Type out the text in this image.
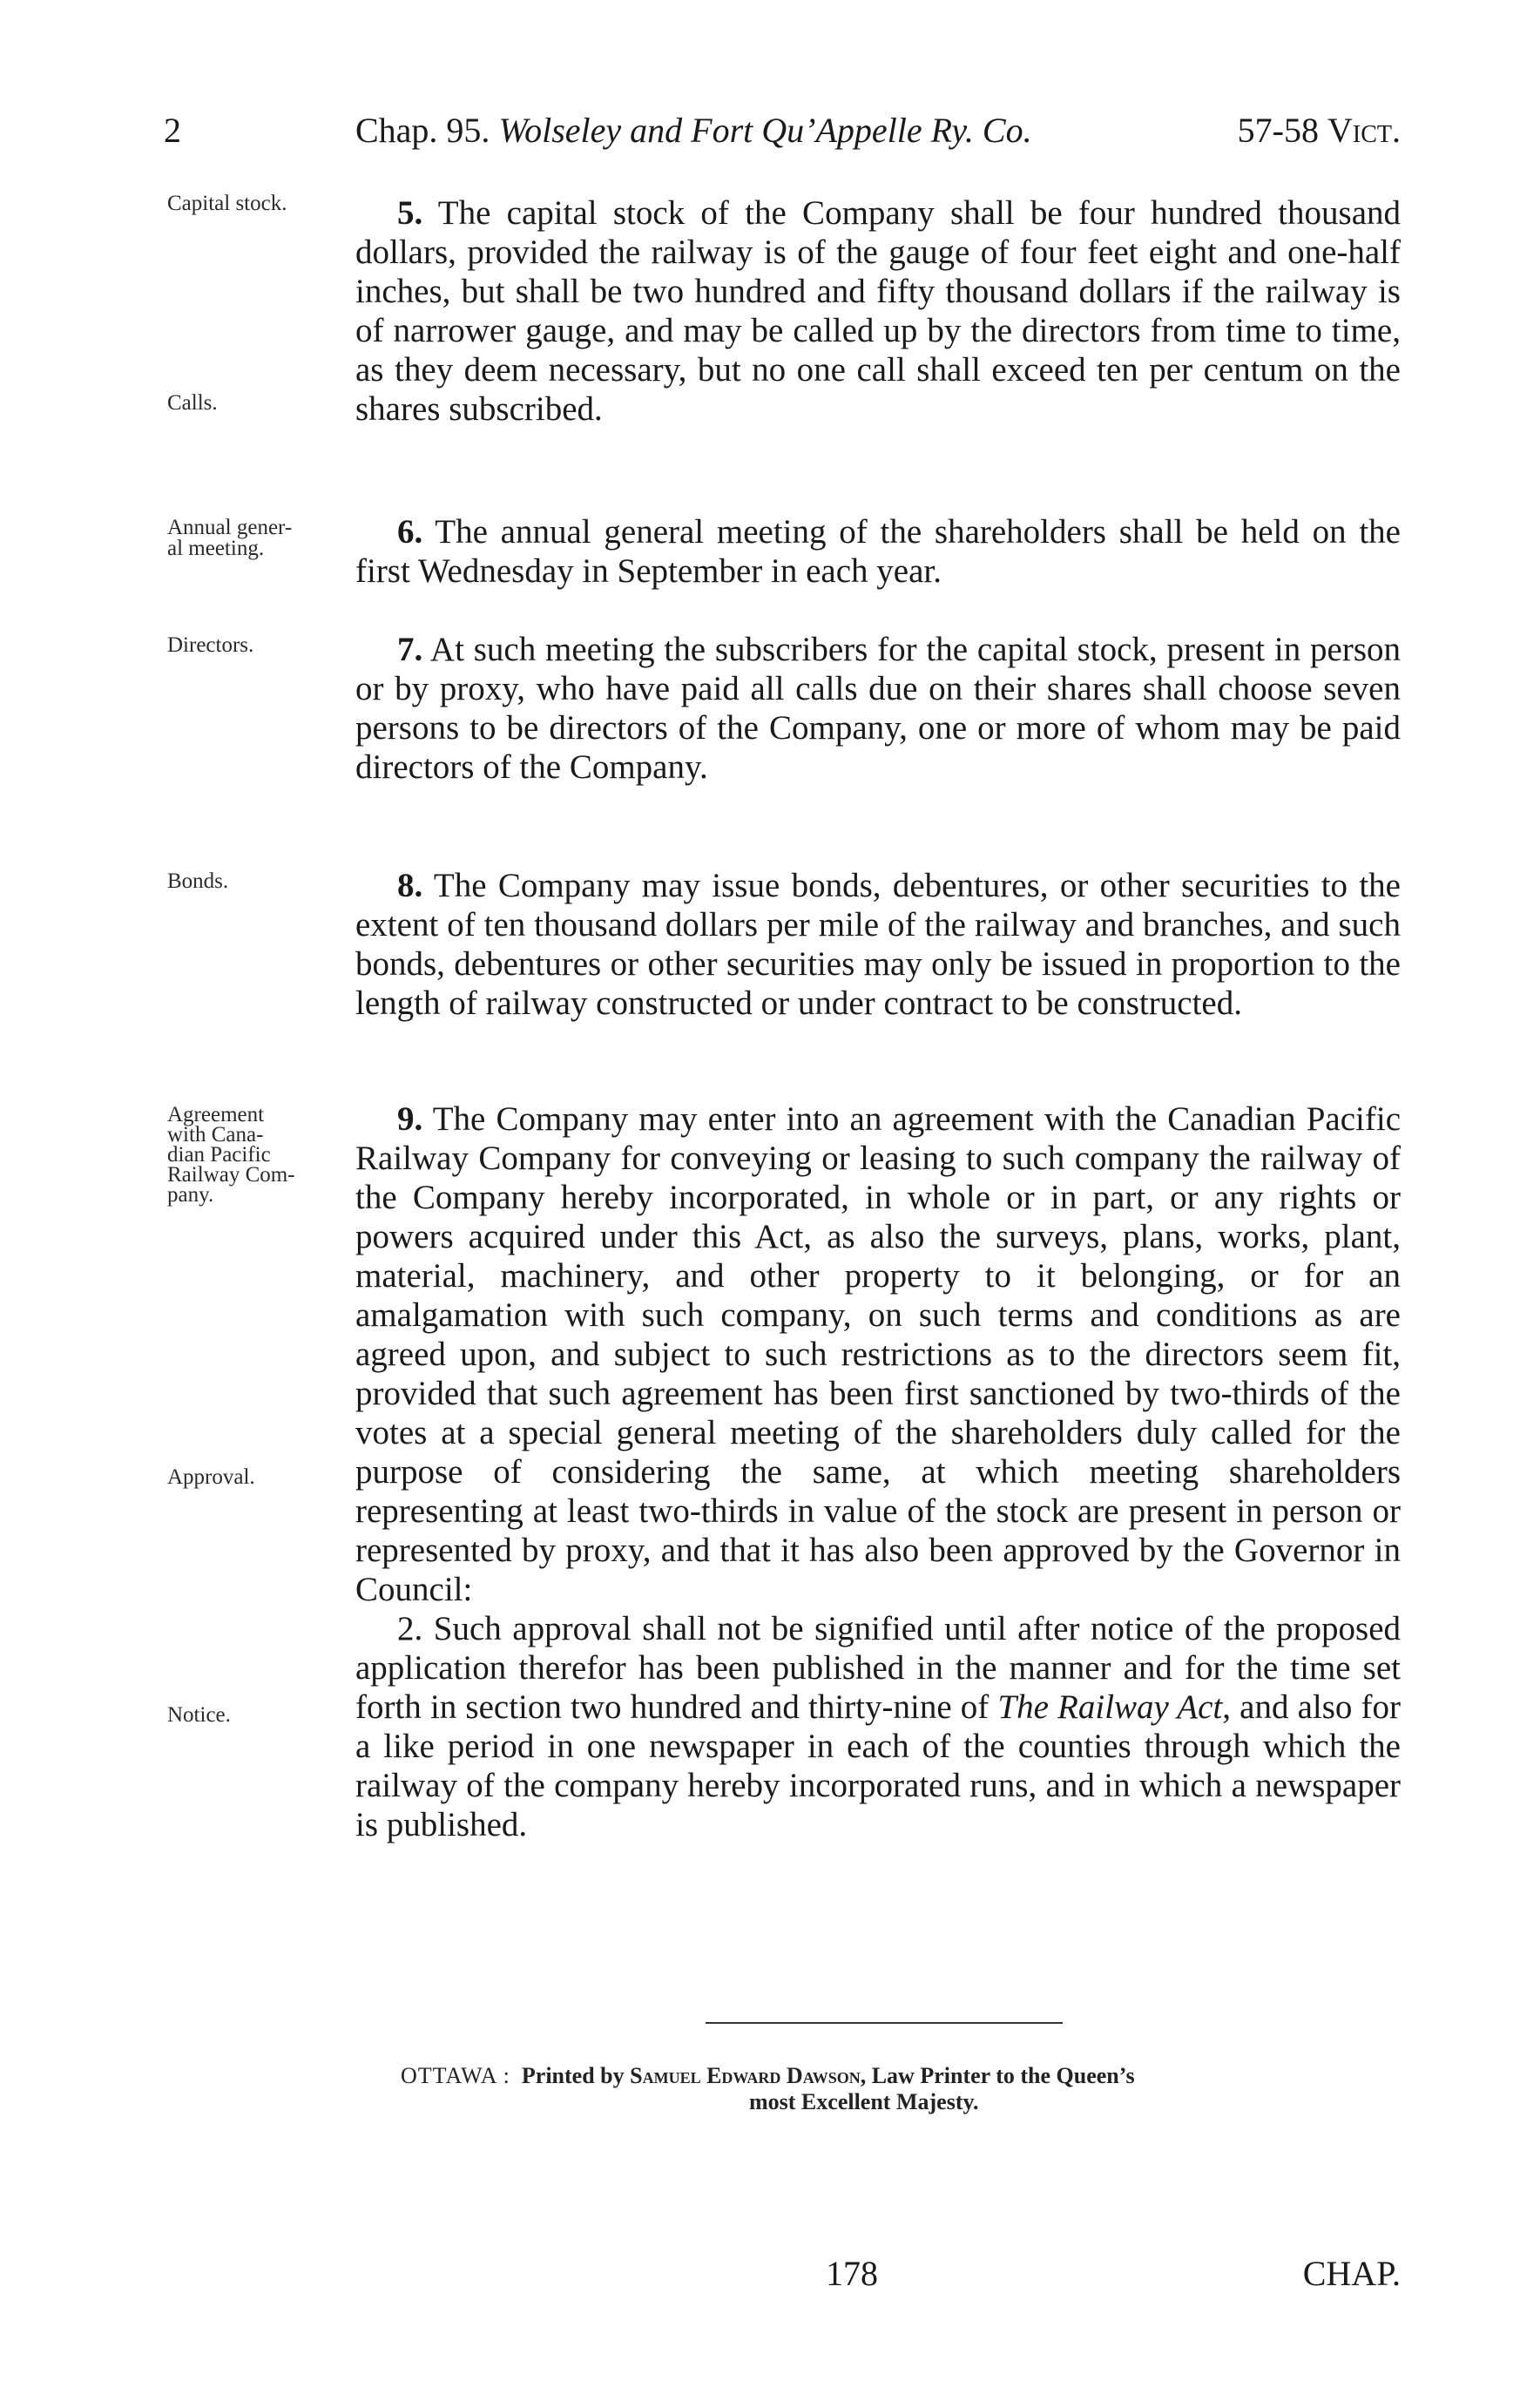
2	Chap. 95. Wolseley and Fort Qu’Appelle Ry. Co.	57-58 Vict.
Capital stock.
Calls.
Annual gener-
al meeting.
Directors.
Bonds.
Agreement
with Cana-
dian Pacific
Railway Com-
pany.
Approval.
Notice.

5. The capital stock of the Company shall be four hundred thousand dollars, provided the railway is of the gauge of four feet eight and one-half inches, but shall be two hundred and fifty thousand dollars if the railway is of narrower gauge, and may be called up by the directors from time to time, as they deem necessary, but no one call shall exceed ten per centum on the shares subscribed.

6. The annual general meeting of the shareholders shall be held on the first Wednesday in September in each year.

7. At such meeting the subscribers for the capital stock, present in person or by proxy, who have paid all calls due on their shares shall choose seven persons to be directors of the Company, one or more of whom may be paid directors of the Company.

8. The Company may issue bonds, debentures, or other securities to the extent of ten thousand dollars per mile of the railway and branches, and such bonds, debentures or other securities may only be issued in proportion to the length of railway constructed or under contract to be constructed.

9. The Company may enter into an agreement with the Canadian Pacific Railway Company for conveying or leasing to such company the railway of the Company hereby incorporated, in whole or in part, or any rights or powers acquired under this Act, as also the surveys, plans, works, plant, material, machinery, and other property to it belonging, or for an amalgamation with such company, on such terms and conditions as are agreed upon, and subject to such restrictions as to the directors seem fit, provided that such agreement has been first sanctioned by two-thirds of the votes at a special general meeting of the shareholders duly called for the purpose of considering the same, at which meeting shareholders representing at least two-thirds in value of the stock are present in person or represented by proxy, and that it has also been approved by the Governor in Council:

2. Such approval shall not be signified until after notice of the proposed application therefor has been published in the manner and for the time set forth in section two hundred and thirty-nine of The Railway Act, and also for a like period in one newspaper in each of the counties through which the railway of the company hereby incorporated runs, and in which a newspaper is published.

OTTAWA : Printed by Samuel Edward Dawson, Law Printer to the Queen’s
most Excellent Majesty.
178	CHAP.
